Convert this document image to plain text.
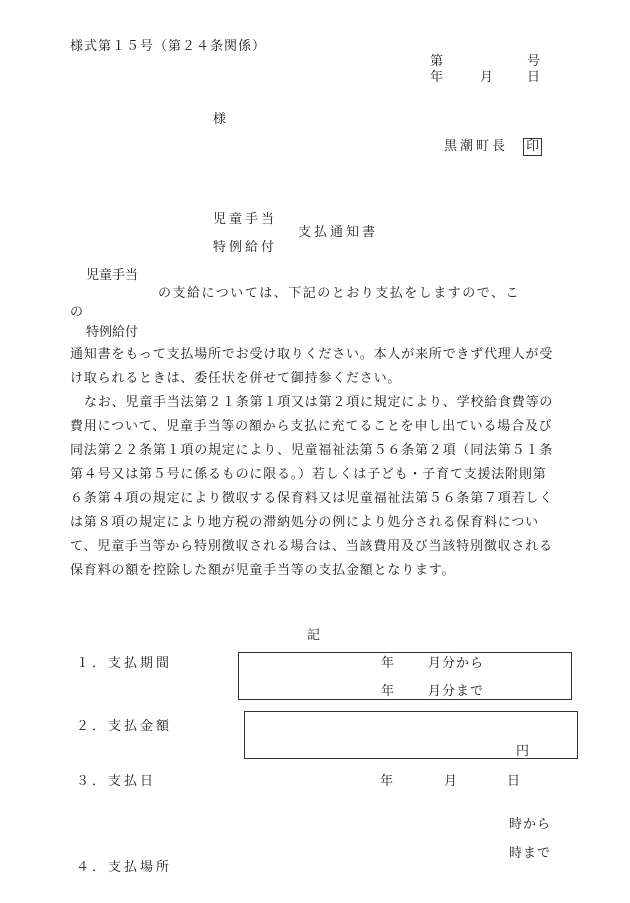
様式第１５号（第２４条関係）
第	号
年	月	日
様
黒潮町長 印
児童手当
支払通知書
特例給付
児童手当
の支給については、下記のとおり支払をしますので、こ
の
特例給付
通知書をもって支払場所でお受け取りください。本人が来所できず代理人が受け取られるときは、委任状を併せて御持参ください。
なお、児童手当法第２１条第１項又は第２項に規定により、学校給食費等の費用について、児童手当等の額から支払に充てることを申し出ている場合及び同法第２２条第１項の規定により、児童福祉法第５６条第２項（同法第５１条第４号又は第５号に係るものに限る。）若しくは子ども・子育て支援法附則第６条第４項の規定により徴収する保育料又は児童福祉法第５６条第７項若しくは第８項の規定により地方税の滞納処分の例により処分される保育料について、児童手当等から特別徴収される場合は、当該費用及び当該特別徴収される保育料の額を控除した額が児童手当等の支払金額となります。
記
１．支払期間	年	月分から
年	月分まで
２．支払金額
円
３．支払日	年	月	日
時から
時まで
４．支払場所
